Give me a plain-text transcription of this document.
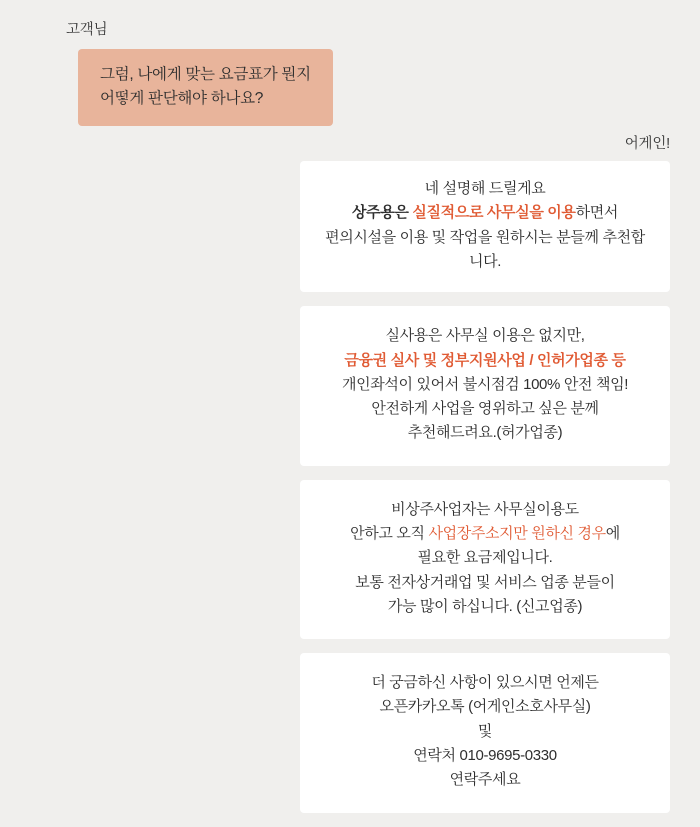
고객님
그럼, 나에게 맞는 요금표가 뭔지
어떻게 판단해야 하나요?
어게인!
네 설명해 드릴게요
상주용은 실질적으로 사무실을 이용하면서
편의시설을 이용 및 작업을 원하시는 분들께 추천합니다.
실사용은 사무실 이용은 없지만,
금융권 실사 및 정부지원사업 / 인허가업종 등
개인좌석이 있어서 불시점검 100% 안전 책임!
안전하게 사업을 영위하고 싶은 분께
추천해드려요.(허가업종)
비상주사업자는 사무실이용도
안하고 오직 사업장주소지만 원하신 경우에
필요한 요금제입니다.
보통 전자상거래업 및 서비스 업종 분들이
가능 많이 하십니다. (신고업종)
더 궁금하신 사항이 있으시면 언제든
오픈카카오톡 (어게인소호사무실)
및
연락처 010-9695-0330
연락주세요
